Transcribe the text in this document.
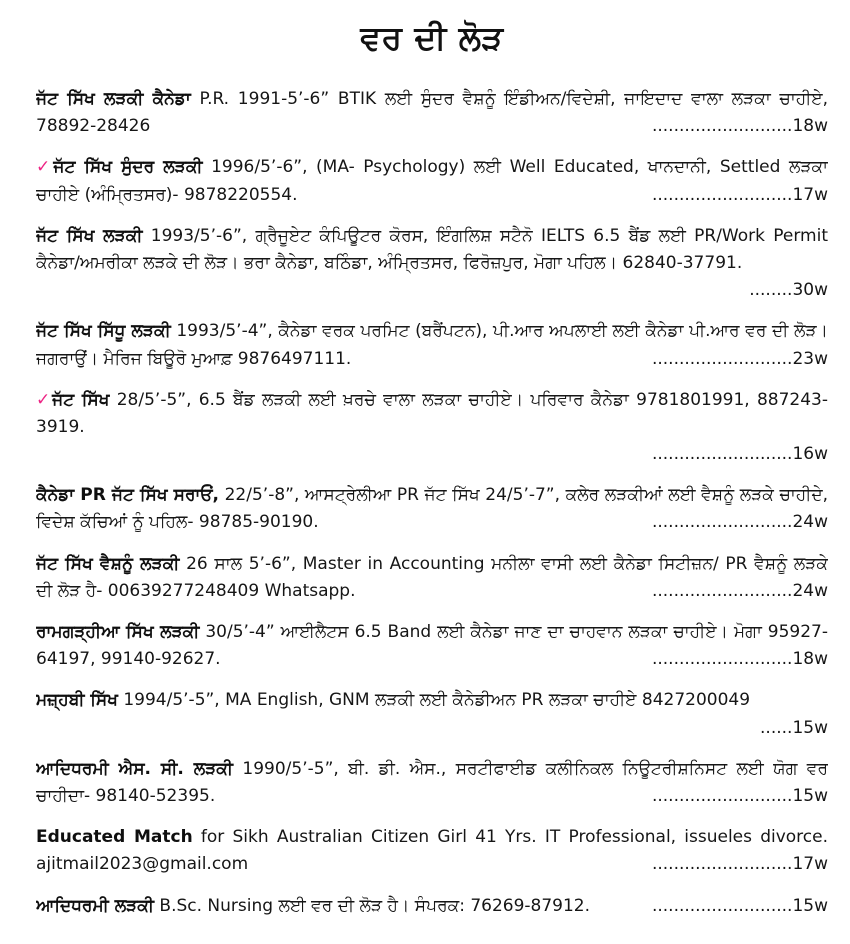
ਵਰ ਦੀ ਲੋੜ

ਜੱਟ ਸਿੱਖ ਲੜਕੀ ਕੈਨੇਡਾ P.R. 1991-5’-6” BTIK ਲਈ ਸੁੰਦਰ ਵੈਸ਼ਨੂੰ ਇੰਡੀਅਨ/ਵਿਦੇਸ਼ੀ, ਜਾਇਦਾਦ ਵਾਲਾ ਲੜਕਾ ਚਾਹੀਏ, 78892-28426	..........................18w

✓ਜੱਟ ਸਿੱਖ ਸੁੰਦਰ ਲੜਕੀ 1996/5’-6”, (MA- Psychology) ਲਈ Well Educated, ਖਾਨਦਾਨੀ, Settled ਲੜਕਾ ਚਾਹੀਏ (ਅੰਮ੍ਰਿਤਸਰ)- 9878220554.	..........................17w

ਜੱਟ ਸਿੱਖ ਲੜਕੀ 1993/5’-6”, ਗ੍ਰੈਜੂਏਟ ਕੰਪਿਊਟਰ ਕੋਰਸ, ਇੰਗਲਿਸ਼ ਸਟੈਨੋ IELTS 6.5 ਬੈਂਡ ਲਈ PR/Work Permit ਕੈਨੇਡਾ/ਅਮਰੀਕਾ ਲੜਕੇ ਦੀ ਲੋੜ। ਭਰਾ ਕੈਨੇਡਾ, ਬਠਿੰਡਾ, ਅੰਮ੍ਰਿਤਸਰ, ਫਿਰੋਜ਼ਪੁਰ, ਮੋਗਾ ਪਹਿਲ। 62840-37791.
........30w

ਜੱਟ ਸਿੱਖ ਸਿੱਧੂ ਲੜਕੀ 1993/5’-4”, ਕੈਨੇਡਾ ਵਰਕ ਪਰਮਿਟ (ਬਰੈਂਪਟਨ), ਪੀ.ਆਰ ਅਪਲਾਈ ਲਈ ਕੈਨੇਡਾ ਪੀ.ਆਰ ਵਰ ਦੀ ਲੋੜ। ਜਗਰਾਉਂ। ਮੈਰਿਜ ਬਿਊਰੋ ਮੁਆਫ਼ 9876497111.	..........................23w

✓ਜੱਟ ਸਿੱਖ 28/5’-5”, 6.5 ਬੈਂਡ ਲੜਕੀ ਲਈ ਖ਼ਰਚੇ ਵਾਲਾ ਲੜਕਾ ਚਾਹੀਏ। ਪਰਿਵਾਰ ਕੈਨੇਡਾ 9781801991, 887243-3919.
..........................16w

ਕੈਨੇਡਾ PR ਜੱਟ ਸਿੱਖ ਸਰਾਓਂ, 22/5’-8”, ਆਸਟ੍ਰੇਲੀਆ PR ਜੱਟ ਸਿੱਖ 24/5’-7”, ਕਲੇਰ ਲੜਕੀਆਂ ਲਈ ਵੈਸ਼ਨੂੰ ਲੜਕੇ ਚਾਹੀਦੇ, ਵਿਦੇਸ਼ ਕੱਚਿਆਂ ਨੂੰ ਪਹਿਲ- 98785-90190.	..........................24w

ਜੱਟ ਸਿੱਖ ਵੈਸ਼ਨੂੰ ਲੜਕੀ 26 ਸਾਲ 5’-6”, Master in Accounting ਮਨੀਲਾ ਵਾਸੀ ਲਈ ਕੈਨੇਡਾ ਸਿਟੀਜ਼ਨ/ PR ਵੈਸ਼ਨੂੰ ਲੜਕੇ ਦੀ ਲੋੜ ਹੈ- 00639277248409 Whatsapp.	..........................24w

ਰਾਮਗੜ੍ਹੀਆ ਸਿੱਖ ਲੜਕੀ 30/5’-4” ਆਈਲੈਟਸ 6.5 Band ਲਈ ਕੈਨੇਡਾ ਜਾਣ ਦਾ ਚਾਹਵਾਨ ਲੜਕਾ ਚਾਹੀਏ। ਮੋਗਾ 95927-64197, 99140-92627.	..........................18w

ਮਜ਼੍ਹਬੀ ਸਿੱਖ 1994/5’-5”, MA English, GNM ਲੜਕੀ ਲਈ ਕੈਨੇਡੀਅਨ PR ਲੜਕਾ ਚਾਹੀਏ 8427200049
......15w

ਆਦਿਧਰਮੀ ਐਸ. ਸੀ. ਲੜਕੀ 1990/5’-5”, ਬੀ. ਡੀ. ਐਸ., ਸਰਟੀਫਾਈਡ ਕਲੀਨਿਕਲ ਨਿਊਟਰੀਸ਼ਨਿਸਟ ਲਈ ਯੋਗ ਵਰ ਚਾਹੀਦਾ- 98140-52395.	..........................15w

Educated Match for Sikh Australian Citizen Girl 41 Yrs. IT Professional, issueles divorce. ajitmail2023@gmail.com	..........................17w

ਆਦਿਧਰਮੀ ਲੜਕੀ B.Sc. Nursing ਲਈ ਵਰ ਦੀ ਲੋੜ ਹੈ। ਸੰਪਰਕ: 76269-87912.	..........................15w
